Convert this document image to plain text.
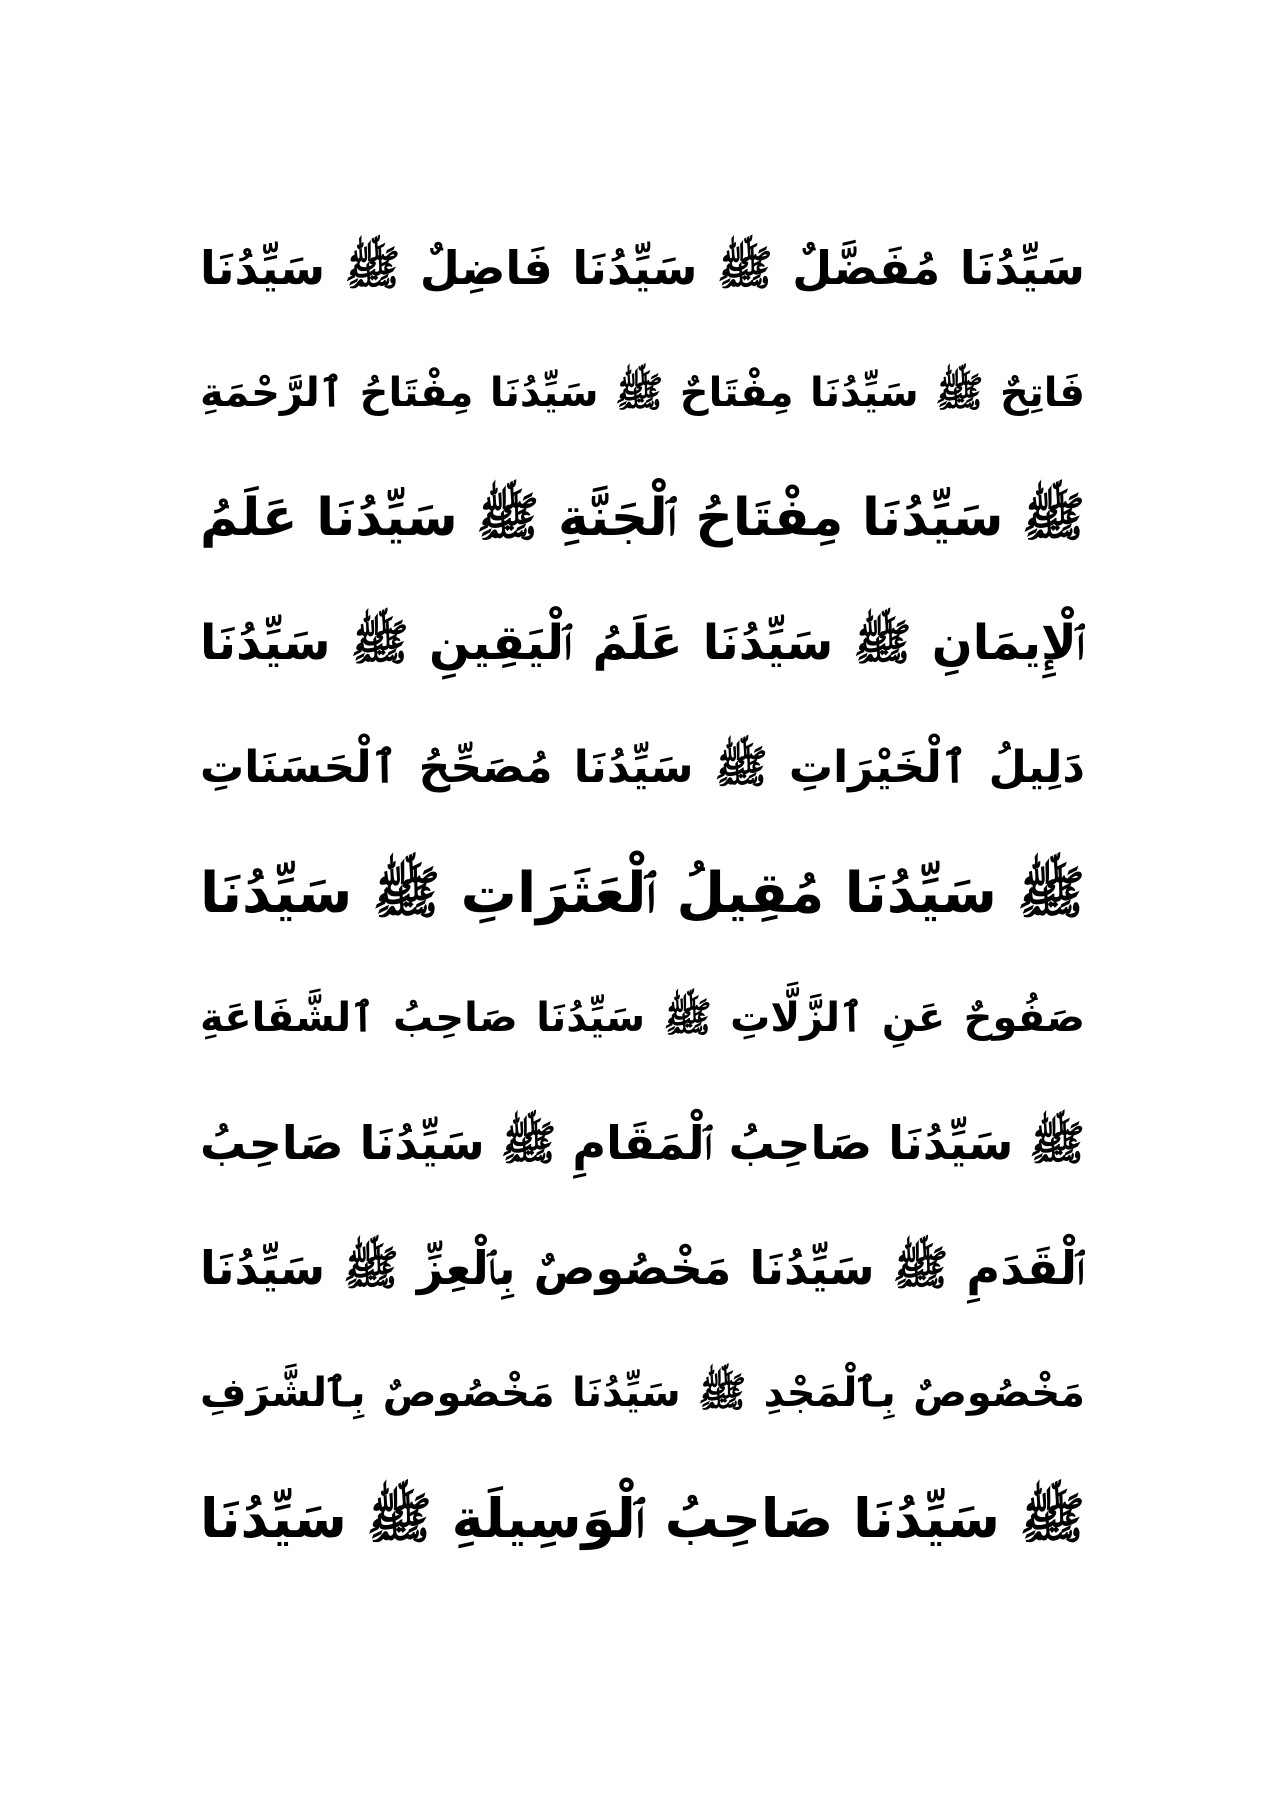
سَيِّدُنَا مُفَضَّلٌ ﷺ سَيِّدُنَا فَاضِلٌ ﷺ سَيِّدُنَا
فَاتِحٌ ﷺ سَيِّدُنَا مِفْتَاحٌ ﷺ سَيِّدُنَا مِفْتَاحُ ٱلرَّحْمَةِ
ﷺ سَيِّدُنَا مِفْتَاحُ ٱلْجَنَّةِ ﷺ سَيِّدُنَا عَلَمُ
ٱلْإِيمَانِ ﷺ سَيِّدُنَا عَلَمُ ٱلْيَقِينِ ﷺ سَيِّدُنَا
دَلِيلُ ٱلْخَيْرَاتِ ﷺ سَيِّدُنَا مُصَحِّحُ ٱلْحَسَنَاتِ
ﷺ سَيِّدُنَا مُقِيلُ ٱلْعَثَرَاتِ ﷺ سَيِّدُنَا
صَفُوحٌ عَنِ ٱلزَّلَّاتِ ﷺ سَيِّدُنَا صَاحِبُ ٱلشَّفَاعَةِ
ﷺ سَيِّدُنَا صَاحِبُ ٱلْمَقَامِ ﷺ سَيِّدُنَا صَاحِبُ
ٱلْقَدَمِ ﷺ سَيِّدُنَا مَخْصُوصٌ بِٱلْعِزِّ ﷺ سَيِّدُنَا
مَخْصُوصٌ بِٱلْمَجْدِ ﷺ سَيِّدُنَا مَخْصُوصٌ بِٱلشَّرَفِ
ﷺ سَيِّدُنَا صَاحِبُ ٱلْوَسِيلَةِ ﷺ سَيِّدُنَا
